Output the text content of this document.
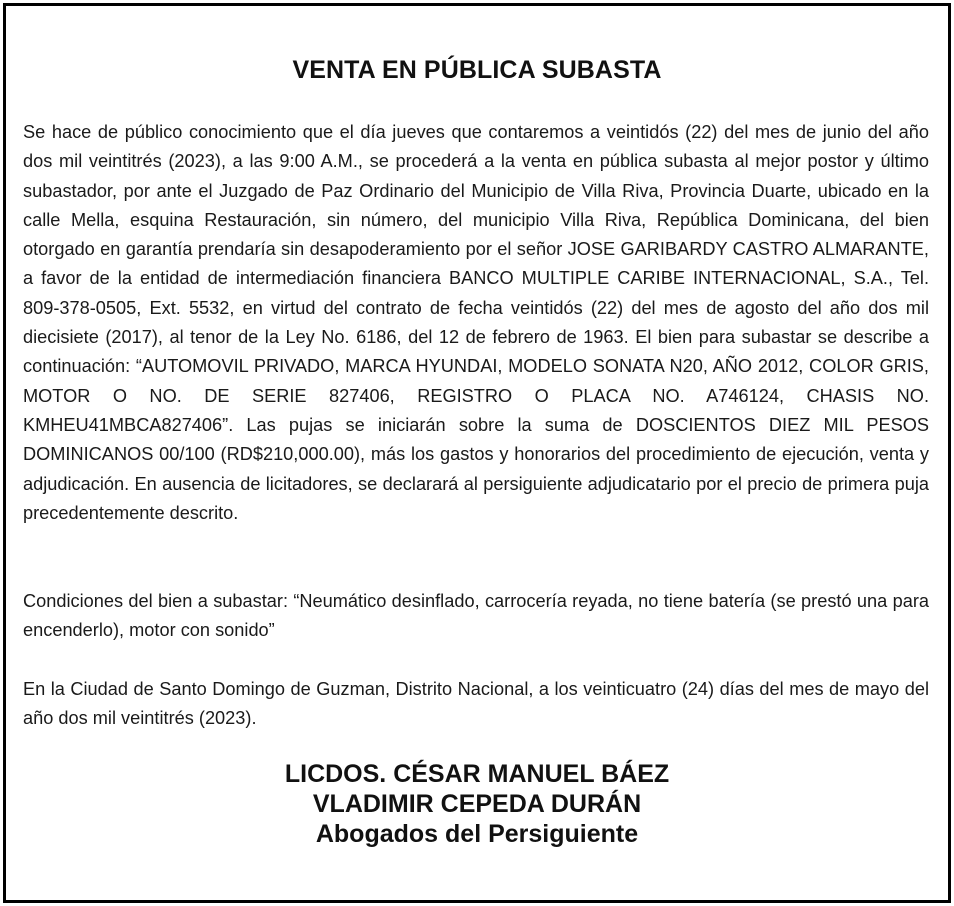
VENTA EN PÚBLICA SUBASTA

Se hace de público conocimiento que el día jueves que contaremos a veintidós (22) del mes de junio del año dos mil veintitrés (2023), a las 9:00 A.M., se procederá a la venta en pública subasta al mejor postor y último subastador, por ante el Juzgado de Paz Ordinario del Municipio de Villa Riva, Provincia Duarte, ubicado en la calle Mella, esquina Restauración, sin número, del municipio Villa Riva, República Dominicana, del bien otorgado en garantía prendaría sin desapoderamiento por el señor JOSE GARIBARDY CASTRO ALMARANTE, a favor de la entidad de intermediación financiera BANCO MULTIPLE CARIBE INTERNACIONAL, S.A., Tel. 809-378-0505, Ext. 5532, en virtud del contrato de fecha veintidós (22) del mes de agosto del año dos mil diecisiete (2017), al tenor de la Ley No. 6186, del 12 de febrero de 1963. El bien para subastar se describe a continuación: “AUTOMOVIL PRIVADO, MARCA HYUNDAI, MODELO SONATA N20, AÑO 2012, COLOR GRIS, MOTOR O NO. DE SERIE 827406, REGISTRO O PLACA NO. A746124, CHASIS NO. KMHEU41MBCA827406”. Las pujas se iniciarán sobre la suma de DOSCIENTOS DIEZ MIL PESOS DOMINICANOS 00/100 (RD$210,000.00), más los gastos y honorarios del procedimiento de ejecución, venta y adjudicación. En ausencia de licitadores, se declarará al persiguiente adjudicatario por el precio de primera puja precedentemente descrito.

Condiciones del bien a subastar: “Neumático desinflado, carrocería reyada, no tiene batería (se prestó una para encenderlo), motor con sonido”

En la Ciudad de Santo Domingo de Guzman, Distrito Nacional, a los veinticuatro (24) días del mes de mayo del año dos mil veintitrés (2023).

LICDOS. CÉSAR MANUEL BÁEZ
VLADIMIR CEPEDA DURÁN
Abogados del Persiguiente
